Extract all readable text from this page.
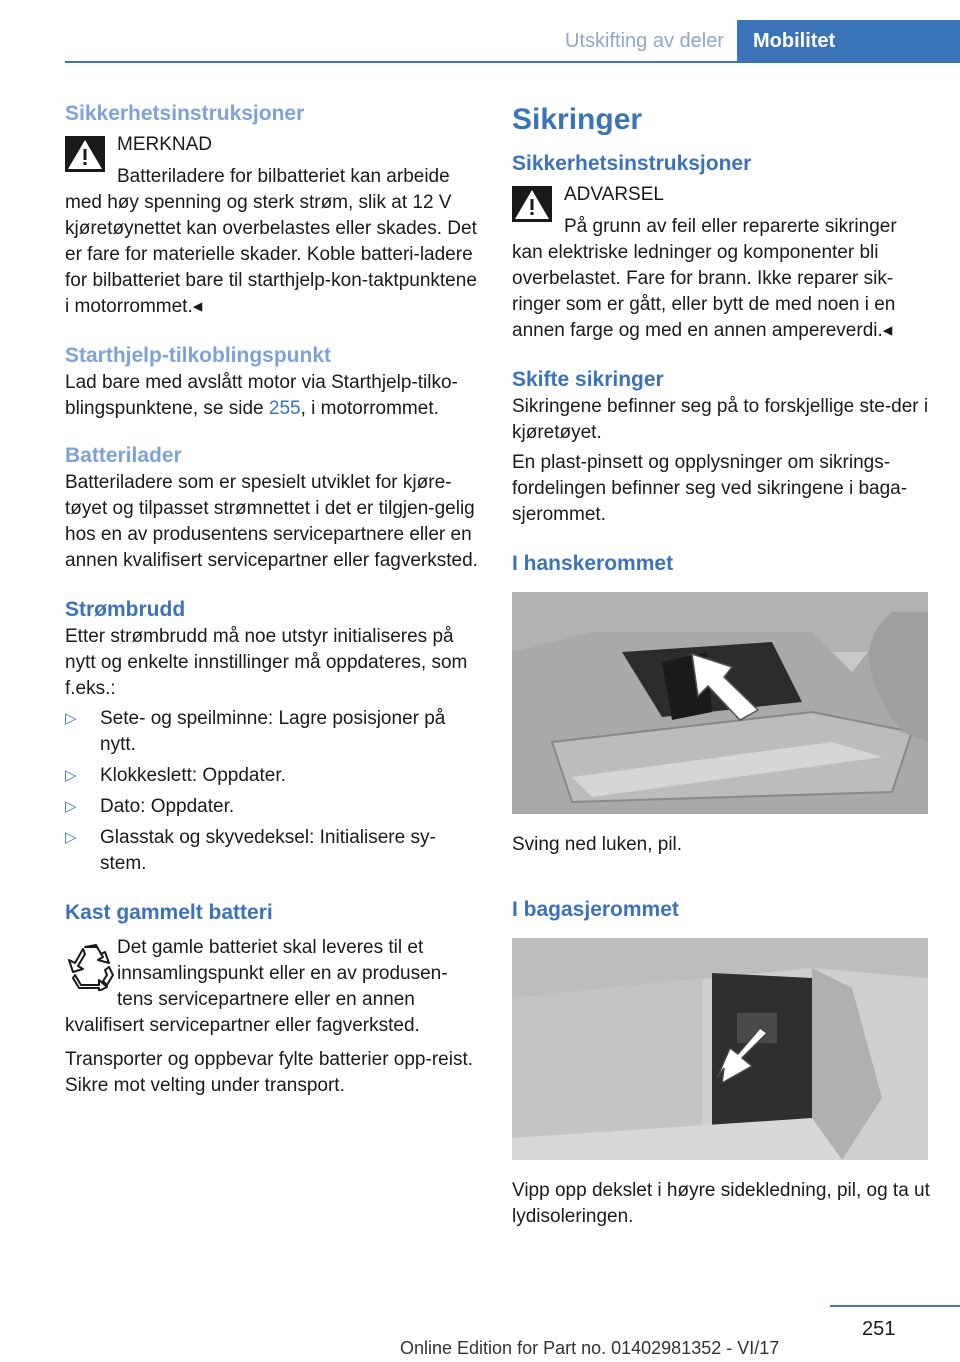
Utskifting av deler Mobilitet
Sikkerhetsinstruksjoner

MERKNAD

Batteriladere for bilbatteriet kan arbeide

med høy spenning og sterk strøm, slik at 12 V kjøretøynettet kan overbelastes eller skades. Det er fare for materielle skader. Koble batteri-ladere for bilbatteriet bare til starthjelp-kon-taktpunktene i motorrommet.◂

Starthjelp-tilkoblingspunkt

Lad bare med avslått motor via Starthjelp-tilko-blingspunktene, se side 255, i motorrommet.

Batterilader

Batteriladere som er spesielt utviklet for kjøre-tøyet og tilpasset strømnettet i det er tilgjen-gelig hos en av produsentens servicepartnere eller en annen kvalifisert servicepartner eller fagverksted.

Strømbrudd

Etter strømbrudd må noe utstyr initialiseres på nytt og enkelte innstillinger må oppdateres, som f.eks.:

▷ Sete- og speilminne: Lagre posisjoner på nytt.
▷ Klokkeslett: Oppdater.
▷ Dato: Oppdater.
▷ Glasstak og skyvedeksel: Initialisere sy-stem.
Kast gammelt batteri

Det gamle batteriet skal leveres til et innsamlingspunkt eller en av produsen-tens servicepartnere eller en annen

kvalifisert servicepartner eller fagverksted.

Transporter og oppbevar fylte batterier opp-reist. Sikre mot velting under transport.

Sikringer
Sikkerhetsinstruksjoner

ADVARSEL

På grunn av feil eller reparerte sikringer

kan elektriske ledninger og komponenter bli overbelastet. Fare for brann. Ikke reparer sik-ringer som er gått, eller bytt de med noen i en annen farge og med en annen ampereverdi.◂

Skifte sikringer

Sikringene befinner seg på to forskjellige ste-der i kjøretøyet.

En plast-pinsett og opplysninger om sikrings-fordelingen befinner seg ved sikringene i baga-sjerommet.

I hanskerommet

Sving ned luken, pil.

I bagasjerommet

Vipp opp dekslet i høyre sidekledning, pil, og ta ut lydisoleringen.

251
Online Edition for Part no. 01402981352 - VI/17
